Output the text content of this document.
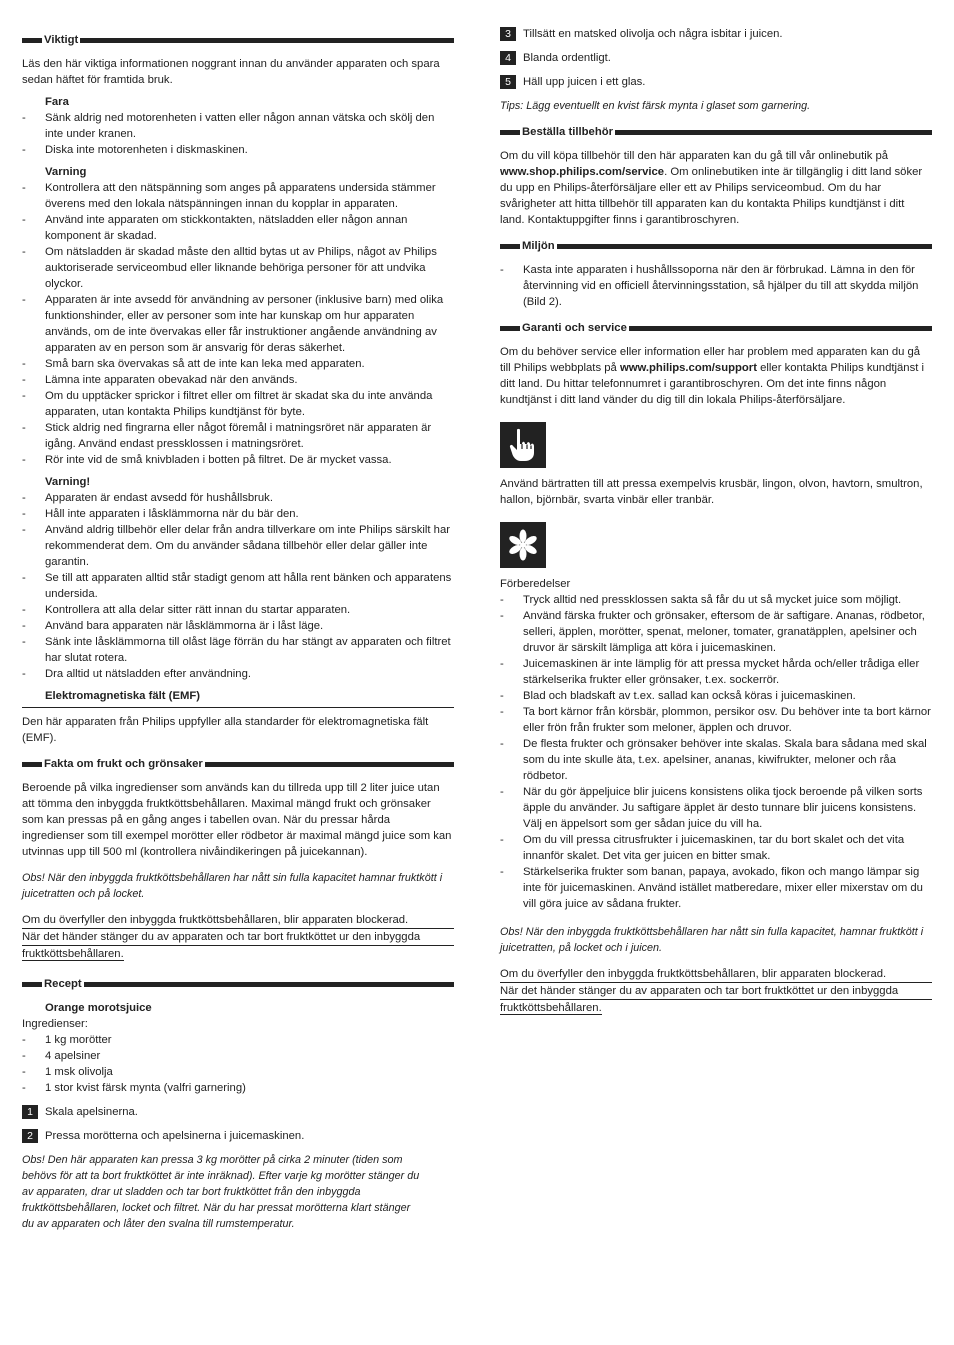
Viktigt

Läs den här viktiga informationen noggrant innan du använder apparaten och spara sedan häftet för framtida bruk.

Fara
- Sänk aldrig ned motorenheten i vatten eller någon annan vätska och skölj den inte under kranen.
- Diska inte motorenheten i diskmaskinen.
Varning
- Kontrollera att den nätspänning som anges på apparatens undersida stämmer överens med den lokala nätspänningen innan du kopplar in apparaten.
- Använd inte apparaten om stickkontakten, nätsladden eller någon annan komponent är skadad.
- Om nätsladden är skadad måste den alltid bytas ut av Philips, något av Philips auktoriserade serviceombud eller liknande behöriga personer för att undvika olyckor.
- Apparaten är inte avsedd för användning av personer (inklusive barn) med olika funktionshinder, eller av personer som inte har kunskap om hur apparaten används, om de inte övervakas eller får instruktioner angående användning av apparaten av en person som är ansvarig för deras säkerhet.
- Små barn ska övervakas så att de inte kan leka med apparaten.
- Lämna inte apparaten obevakad när den används.
- Om du upptäcker sprickor i filtret eller om filtret är skadat ska du inte använda apparaten, utan kontakta Philips kundtjänst för byte.
- Stick aldrig ned fingrarna eller något föremål i matningsröret när apparaten är igång. Använd endast pressklossen i matningsröret.
- Rör inte vid de små knivbladen i botten på filtret. De är mycket vassa.
Varning!
- Apparaten är endast avsedd för hushållsbruk.
- Håll inte apparaten i låsklämmorna när du bär den.
- Använd aldrig tillbehör eller delar från andra tillverkare om inte Philips särskilt har rekommenderat dem. Om du använder sådana tillbehör eller delar gäller inte garantin.
- Se till att apparaten alltid står stadigt genom att hålla rent bänken och apparatens undersida.
- Kontrollera att alla delar sitter rätt innan du startar apparaten.
- Använd bara apparaten när låsklämmorna är i låst läge.
- Sänk inte låsklämmorna till olåst läge förrän du har stängt av apparaten och filtret har slutat rotera.
- Dra alltid ut nätsladden efter användning.
Elektromagnetiska fält (EMF)

Den här apparaten från Philips uppfyller alla standarder för elektromagnetiska fält (EMF).

Fakta om frukt och grönsaker

Beroende på vilka ingredienser som används kan du tillreda upp till 2 liter juice utan att tömma den inbyggda fruktköttsbehållaren. Maximal mängd frukt och grönsaker som kan pressas på en gång anges i tabellen ovan. När du pressar hårda ingredienser som till exempel morötter eller rödbetor är maximal mängd juice som kan utvinnas upp till 500 ml (kontrollera nivåindikeringen på juicekannan).

Obs! När den inbyggda fruktköttsbehållaren har nått sin fulla kapacitet hamnar fruktkött i juicetratten och på locket.

Om du överfyller den inbyggda fruktköttsbehållaren, blir apparaten blockerad.
När det händer stänger du av apparaten och tar bort fruktköttet ur den inbyggda
fruktköttsbehållaren.
Recept
Orange morotsjuice
Ingredienser:
- 1 kg morötter
- 4 apelsiner
- 1 msk olivolja
- 1 stor kvist färsk mynta (valfri garnering)
1	Skala apelsinerna.
2	Pressa morötterna och apelsinerna i juicemaskinen.

Obs! Den här apparaten kan pressa 3 kg morötter på cirka 2 minuter (tiden som behövs för att ta bort fruktköttet är inte inräknad). Efter varje kg morötter stänger du av apparaten, drar ut sladden och tar bort fruktköttet från den inbyggda fruktköttsbehållaren, locket och filtret. När du har pressat morötterna klart stänger du av apparaten och låter den svalna till rumstemperatur.

3	Tillsätt en matsked olivolja och några isbitar i juicen.
4	Blanda ordentligt.
5	Häll upp juicen i ett glas.

Tips: Lägg eventuellt en kvist färsk mynta i glaset som garnering.

Beställa tillbehör

Om du vill köpa tillbehör till den här apparaten kan du gå till vår onlinebutik på www.shop.philips.com/service. Om onlinebutiken inte är tillgänglig i ditt land söker du upp en Philips-återförsäljare eller ett av Philips serviceombud. Om du har svårigheter att hitta tillbehör till apparaten kan du kontakta Philips kundtjänst i ditt land. Kontaktuppgifter finns i garantibroschyren.

Miljön
- Kasta inte apparaten i hushållssoporna när den är förbrukad. Lämna in den för återvinning vid en officiell återvinningsstation, så hjälper du till att skydda miljön (Bild 2).
Garanti och service

Om du behöver service eller information eller har problem med apparaten kan du gå till Philips webbplats på www.philips.com/support eller kontakta Philips kundtjänst i ditt land. Du hittar telefonnumret i garantibroschyren. Om det inte finns någon kundtjänst i ditt land vänder du dig till din lokala Philips-återförsäljare.

Använd bärtratten till att pressa exempelvis krusbär, lingon, olvon, havtorn, smultron, hallon, björnbär, svarta vinbär eller tranbär.

Förberedelser
- Tryck alltid ned pressklossen sakta så får du ut så mycket juice som möjligt.
- Använd färska frukter och grönsaker, eftersom de är saftigare. Ananas, rödbetor, selleri, äpplen, morötter, spenat, meloner, tomater, granatäpplen, apelsiner och druvor är särskilt lämpliga att köra i juicemaskinen.
- Juicemaskinen är inte lämplig för att pressa mycket hårda och/eller trådiga eller stärkelserika frukter eller grönsaker, t.ex. sockerrör.
- Blad och bladskaft av t.ex. sallad kan också köras i juicemaskinen.
- Ta bort kärnor från körsbär, plommon, persikor osv. Du behöver inte ta bort kärnor eller frön från frukter som meloner, äpplen och druvor.
- De flesta frukter och grönsaker behöver inte skalas. Skala bara sådana med skal som du inte skulle äta, t.ex. apelsiner, ananas, kiwifrukter, meloner och råa rödbetor.
- När du gör äppeljuice blir juicens konsistens olika tjock beroende på vilken sorts äpple du använder. Ju saftigare äpplet är desto tunnare blir juicens konsistens. Välj en äppelsort som ger sådan juice du vill ha.
- Om du vill pressa citrusfrukter i juicemaskinen, tar du bort skalet och det vita innanför skalet. Det vita ger juicen en bitter smak.
- Stärkelserika frukter som banan, papaya, avokado, fikon och mango lämpar sig inte för juicemaskinen. Använd istället matberedare, mixer eller mixerstav om du vill göra juice av sådana frukter.

Obs! När den inbyggda fruktköttsbehållaren har nått sin fulla kapacitet, hamnar fruktkött i juicetratten, på locket och i juicen.

Om du överfyller den inbyggda fruktköttsbehållaren, blir apparaten blockerad.
När det händer stänger du av apparaten och tar bort fruktköttet ur den inbyggda
fruktköttsbehållaren.
